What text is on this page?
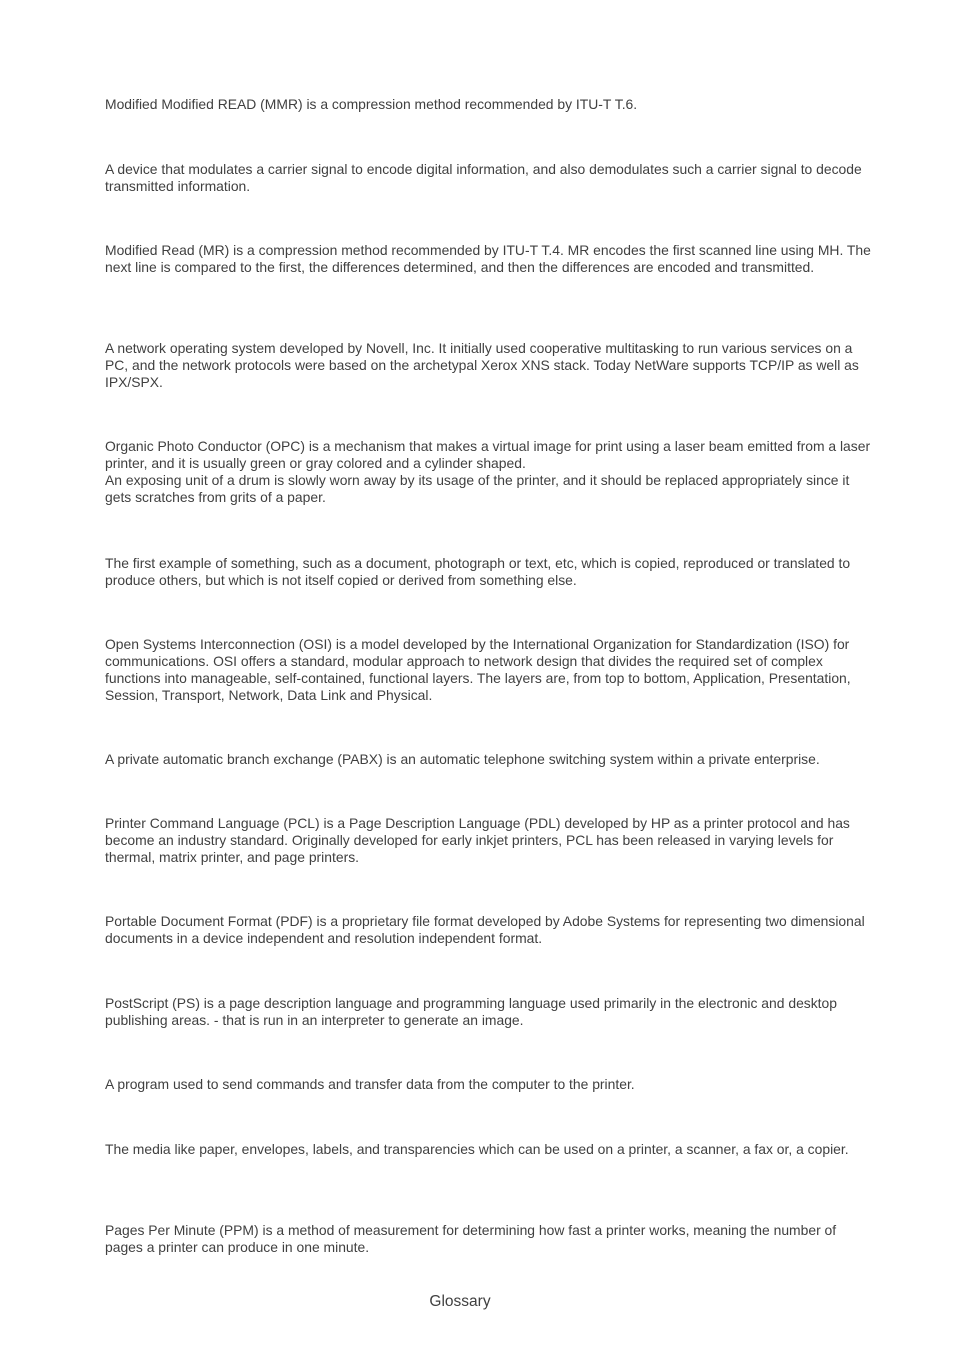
Modified Modified READ (MMR) is a compression method recommended by ITU-T T.6.

A device that modulates a carrier signal to encode digital information, and also demodulates such a carrier signal to decode transmitted information.

Modified Read (MR) is a compression method recommended by ITU-T T.4. MR encodes the first scanned line using MH. The next line is compared to the first, the differences determined, and then the differences are encoded and transmitted.

A network operating system developed by Novell, Inc. It initially used cooperative multitasking to run various services on a PC, and the network protocols were based on the archetypal Xerox XNS stack. Today NetWare supports TCP/IP as well as IPX/SPX.

Organic Photo Conductor (OPC) is a mechanism that makes a virtual image for print using a laser beam emitted from a laser printer, and it is usually green or gray colored and a cylinder shaped.

An exposing unit of a drum is slowly worn away by its usage of the printer, and it should be replaced appropriately since it gets scratches from grits of a paper.

The first example of something, such as a document, photograph or text, etc, which is copied, reproduced or translated to produce others, but which is not itself copied or derived from something else.

Open Systems Interconnection (OSI) is a model developed by the International Organization for Standardization (ISO) for communications. OSI offers a standard, modular approach to network design that divides the required set of complex functions into manageable, self-contained, functional layers. The layers are, from top to bottom, Application, Presentation, Session, Transport, Network, Data Link and Physical.

A private automatic branch exchange (PABX) is an automatic telephone switching system within a private enterprise.

Printer Command Language (PCL) is a Page Description Language (PDL) developed by HP as a printer protocol and has become an industry standard. Originally developed for early inkjet printers, PCL has been released in varying levels for thermal, matrix printer, and page printers.

Portable Document Format (PDF) is a proprietary file format developed by Adobe Systems for representing two dimensional documents in a device independent and resolution independent format.

PostScript (PS) is a page description language and programming language used primarily in the electronic and desktop publishing areas. - that is run in an interpreter to generate an image.

A program used to send commands and transfer data from the computer to the printer.

The media like paper, envelopes, labels, and transparencies which can be used on a printer, a scanner, a fax or, a copier.

Pages Per Minute (PPM) is a method of measurement for determining how fast a printer works, meaning the number of pages a printer can produce in one minute.

Glossary
